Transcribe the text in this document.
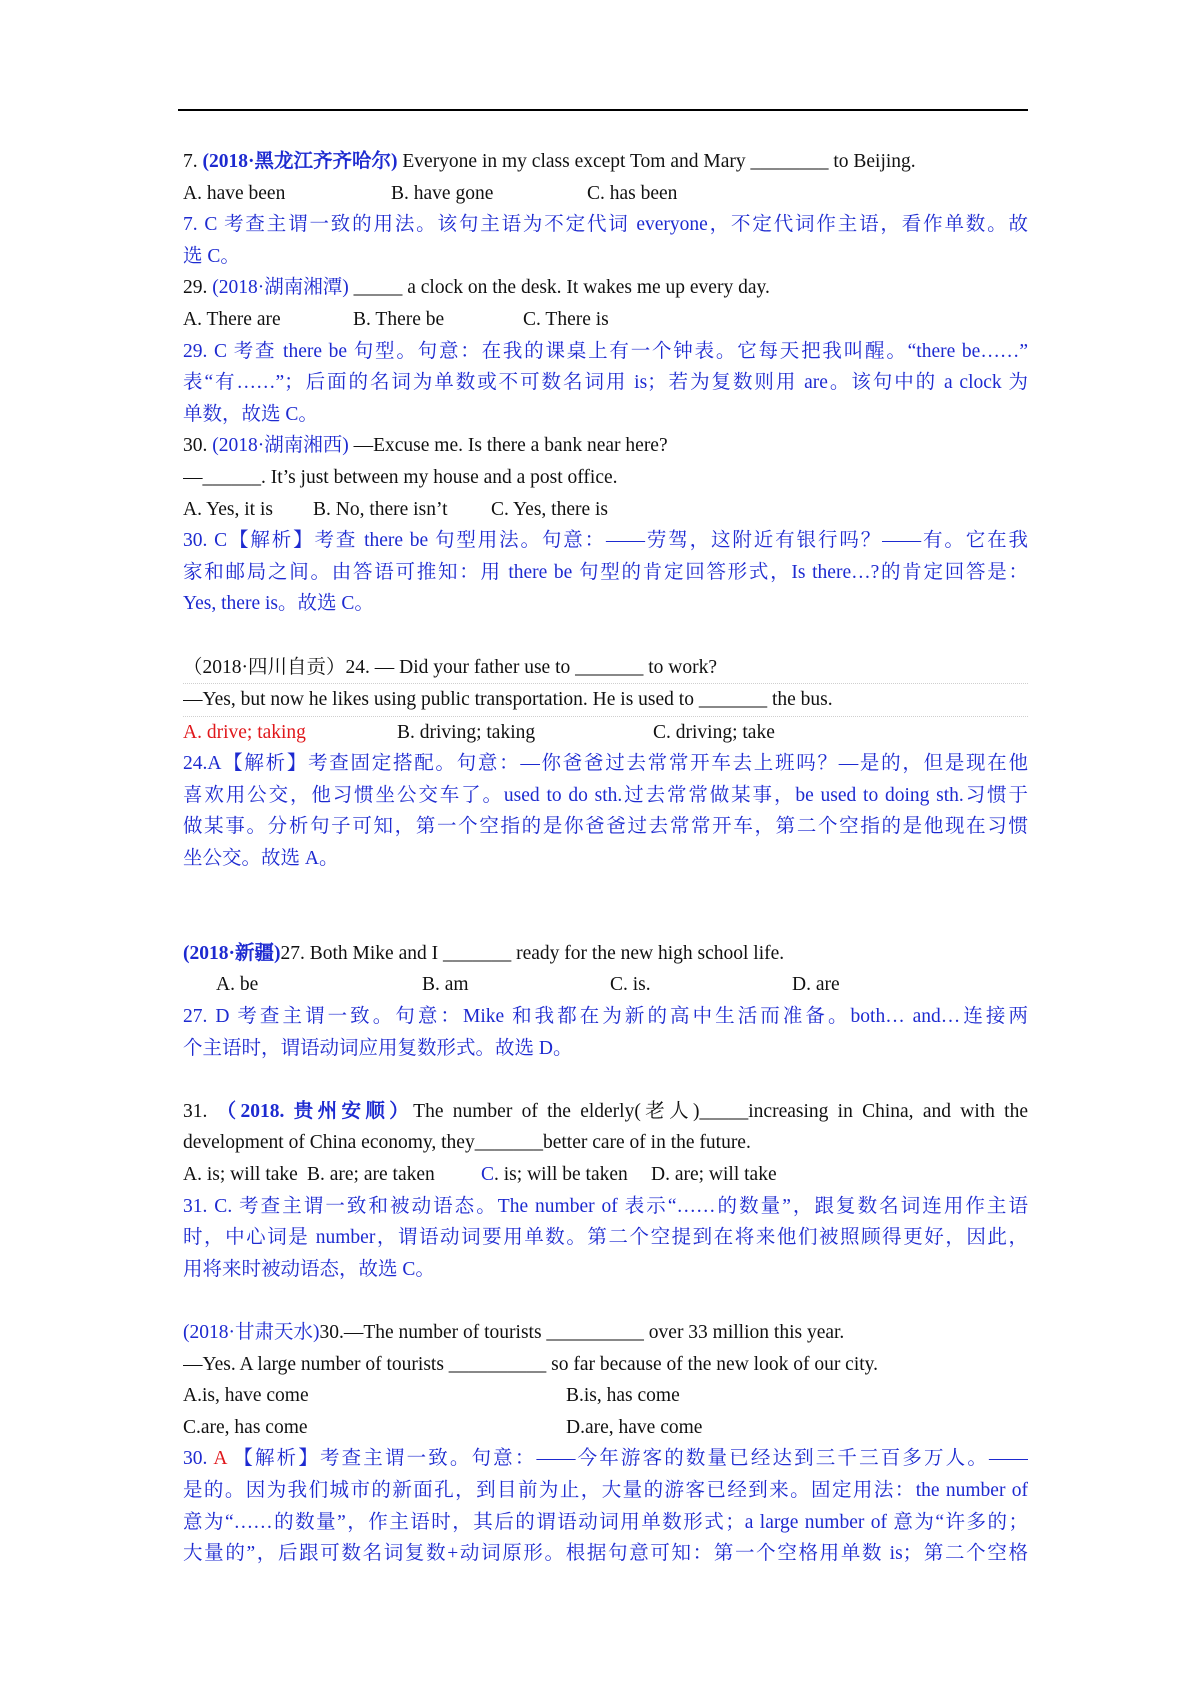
7. (2018·黑龙江齐齐哈尔) Everyone in my class except Tom and Mary ________ to Beijing.
A. have been	B. have gone	C. has been
7. C 考查主谓一致的用法。该句主语为不定代词 everyone，不定代词作主语，看作单数。故
选 C。
29. (2018·湖南湘潭) _____ a clock on the desk. It wakes me up every day.
A. There are	B. There be	C. There is
29. C 考查 there be 句型。句意：在我的课桌上有一个钟表。它每天把我叫醒。“there be……”
表“有……”；后面的名词为单数或不可数名词用 is；若为复数则用 are。该句中的 a clock 为
单数，故选 C。
30. (2018·湖南湘西) —Excuse me. Is there a bank near here?
—______. It’s just between my house and a post office.
A. Yes, it is	B. No, there isn’t	C. Yes, there is
30. C【解析】考查 there be 句型用法。句意：——劳驾，这附近有银行吗？——有。它在我
家和邮局之间。由答语可推知：用 there be 句型的肯定回答形式，Is there…?的肯定回答是：
Yes, there is。故选 C。
（2018·四川自贡）24. — Did your father use to _______ to work?
—Yes, but now he likes using public transportation. He is used to _______ the bus.
A. drive; taking	B. driving; taking	C. driving; take
24.A【解析】考查固定搭配。句意：—你爸爸过去常常开车去上班吗？—是的，但是现在他
喜欢用公交，他习惯坐公交车了。used to do sth.过去常常做某事，be used to doing sth.习惯于
做某事。分析句子可知，第一个空指的是你爸爸过去常常开车，第二个空指的是他现在习惯
坐公交。故选 A。
(2018·新疆)27. Both Mike and I _______ ready for the new high school life.
A. be	B. am	C. is.	D. are
27. D 考查主谓一致。句意：Mike 和我都在为新的高中生活而准备。both… and…连接两
个主语时，谓语动词应用复数形式。故选 D。
31. （2018. 贵州安顺）The number of the elderly(老人)_____increasing in China, and with the
development of China economy, they_______better care of in the future.
A. is; will take B. are; are taken	C. is; will be taken	D. are; will take
31. C. 考查主谓一致和被动语态。The number of 表示“……的数量”，跟复数名词连用作主语
时，中心词是 number，谓语动词要用单数。第二个空提到在将来他们被照顾得更好，因此，
用将来时被动语态，故选 C。
(2018·甘肃天水)30.—The number of tourists __________ over 33 million this year.
—Yes. A large number of tourists __________ so far because of the new look of our city.
A.is, have come	B.is, has come
C.are, has come	D.are, have come
30. A 【解析】考查主谓一致。句意：——今年游客的数量已经达到三千三百多万人。——
是的。因为我们城市的新面孔，到目前为止，大量的游客已经到来。固定用法：the number of
意为“……的数量”，作主语时，其后的谓语动词用单数形式；a large number of 意为“许多的；
大量的”，后跟可数名词复数+动词原形。根据句意可知：第一个空格用单数 is；第二个空格
